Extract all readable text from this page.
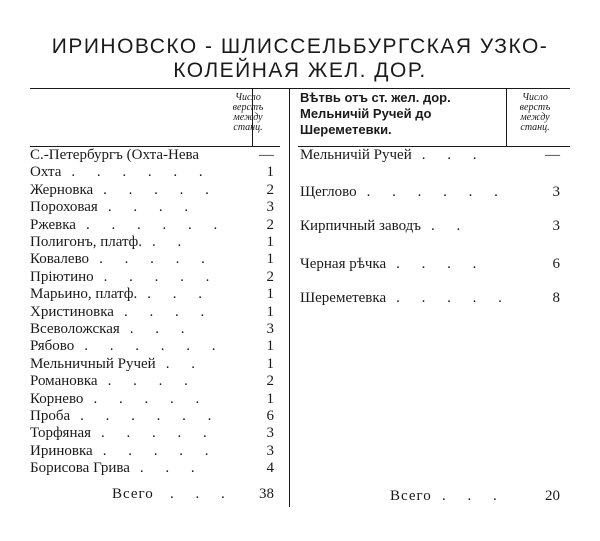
ИРИНОВСКО - ШЛИССЕЛЬБУРГСКАЯ УЗКО-
КОЛЕЙНАЯ ЖЕЛ. ДОР.
Число
верстъ
между
станц.
Вѣтвь отъ ст. жел. дор. Мельничій Ручей до Шереметевки.
Число
верстъ
между
станц.
С.-Петербургъ (Охта-Нева	—
Охта . . . . . .	1
Жерновка . . . . .	2
Пороховая . . . .	3
Ржевка . . . . . .	2
Полигонъ, платф. . .	1
Ковалево . . . . .	1
Пріютино . . . . .	2
Марьино, платф. . . .	1
Христиновка . . . .	1
Всеволожская . . .	3
Рябово . . . . . .	1
Мельничный Ручей . .	1
Романовка . . . .	2
Корнево . . . . .	1
Проба . . . . . .	6
Торфяная . . . . .	3
Ириновка . . . . .	3
Борисова Грива . . .	4
Всего . . .	38
Мельничій Ручей . . .	—
Щеглово . . . . . .	3
Кирпичный заводъ . .	3
Черная рѣчка . . . .	6
Шереметевка . . . . .	8
Всего . . .	20
